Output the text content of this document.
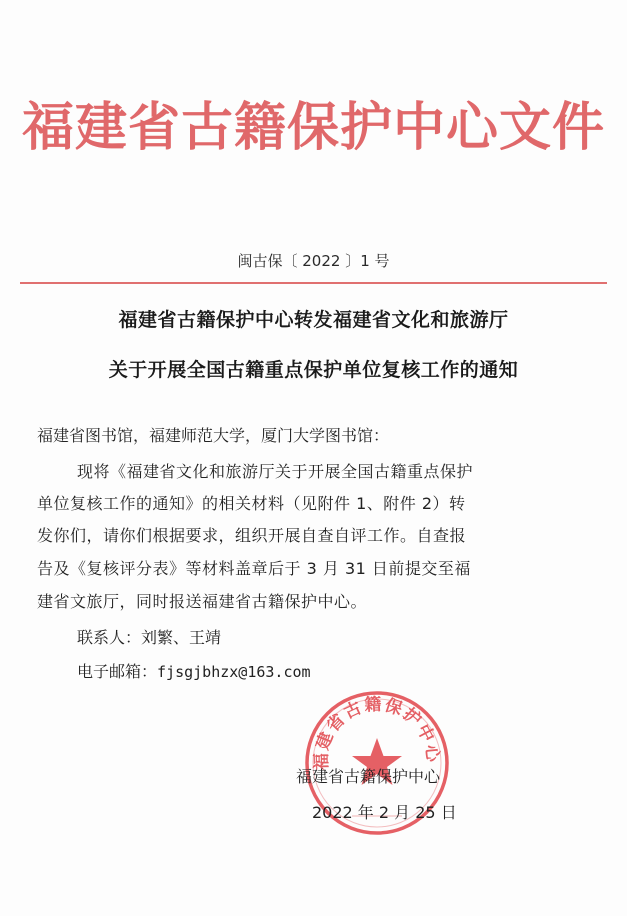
福建省古籍保护中心文件
闽古保〔 2022 〕1 号
福建省古籍保护中心转发福建省文化和旅游厅
关于开展全国古籍重点保护单位复核工作的通知
福建省图书馆，福建师范大学，厦门大学图书馆：
现将《福建省文化和旅游厅关于开展全国古籍重点保护
单位复核工作的通知》的相关材料（见附件 1、附件 2）转
发你们，请你们根据要求，组织开展自查自评工作。自查报
告及《复核评分表》等材料盖章后于 3 月 31 日前提交至福
建省文旅厅，同时报送福建省古籍保护中心。
联系人：刘繁、王靖
电子邮箱：fjsgjbhzx@163.com
福建省古籍保护中心
福建省古籍保护中心
2022 年 2 月 25 日
